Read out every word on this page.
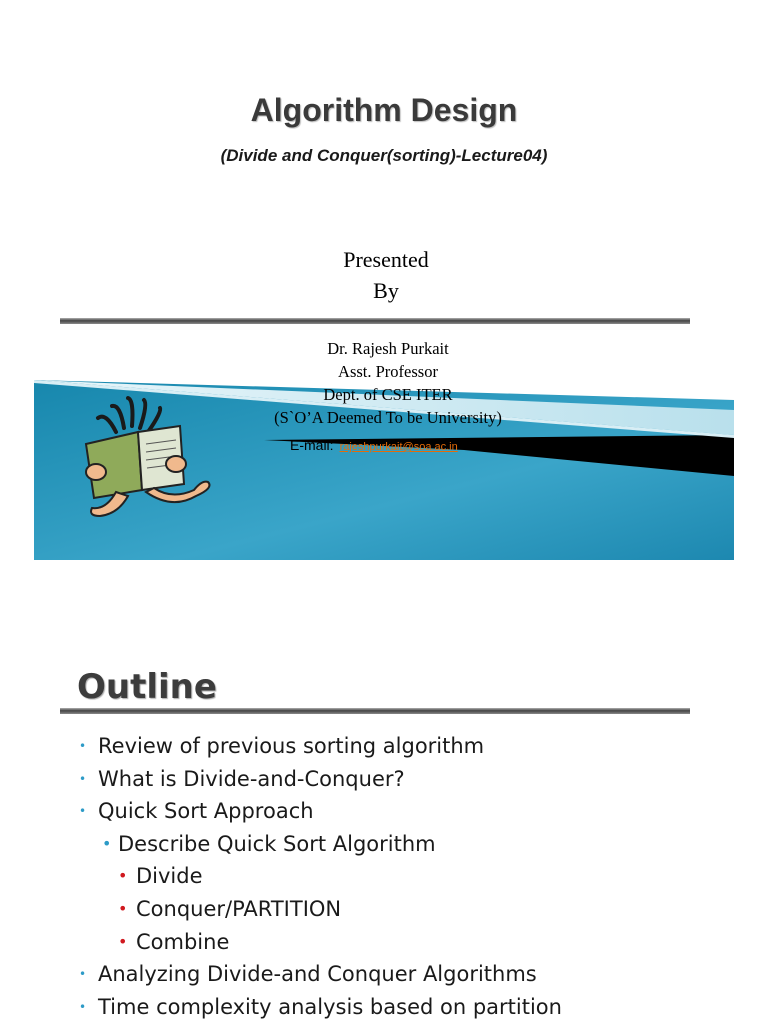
Algorithm Design
(Divide and Conquer(sorting)-Lecture04)
Presented
By
Dr. Rajesh Purkait
Asst. Professor
Dept. of CSE ITER
(S`O’A Deemed To be University)
E-mail: rajeshpurkait@soa.ac.in
Outline
• Review of previous sorting algorithm
• What is Divide-and-Conquer?
• Quick Sort Approach
• Describe Quick Sort Algorithm
• Divide
• Conquer/PARTITION
• Combine
• Analyzing Divide-and Conquer Algorithms
• Time complexity analysis based on partition
